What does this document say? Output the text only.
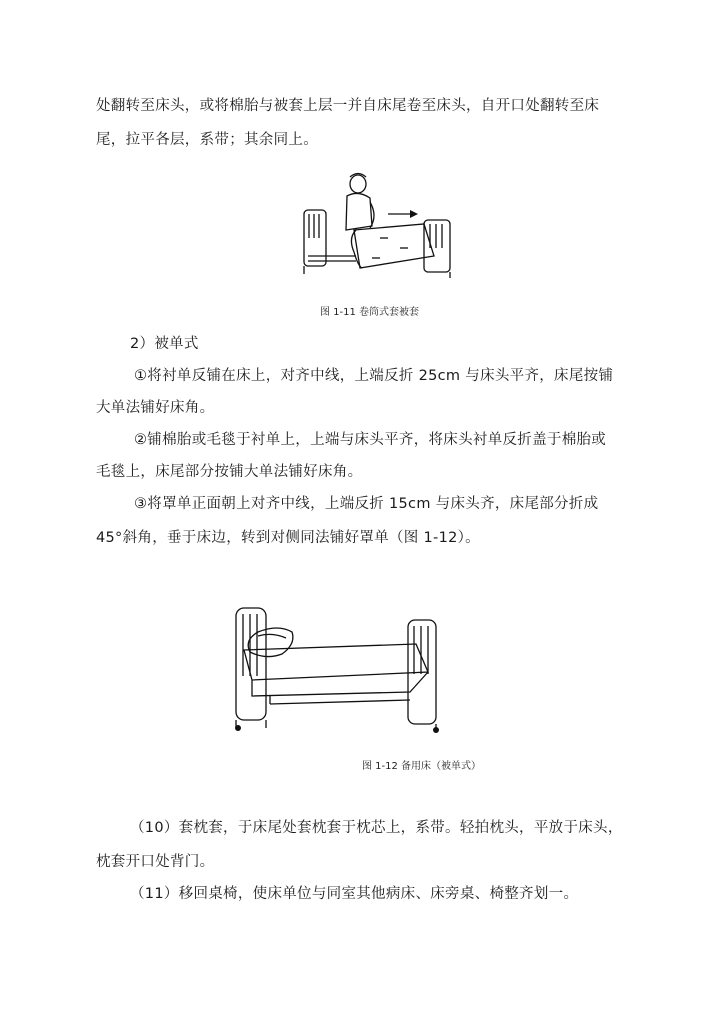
处翻转至床头，或将棉胎与被套上层一并自床尾卷至床头，自开口处翻转至床
尾，拉平各层，系带；其余同上。
图 1-11 卷筒式套被套
2）被单式
①将衬单反铺在床上，对齐中线，上端反折 25cm 与床头平齐，床尾按铺
大单法铺好床角。
②铺棉胎或毛毯于衬单上，上端与床头平齐，将床头衬单反折盖于棉胎或
毛毯上，床尾部分按铺大单法铺好床角。
③将罩单正面朝上对齐中线，上端反折 15cm 与床头齐，床尾部分折成
45°斜角，垂于床边，转到对侧同法铺好罩单（图 1-12）。
图 1-12 备用床（被单式）
（10）套枕套，于床尾处套枕套于枕芯上，系带。轻拍枕头，平放于床头，
枕套开口处背门。
（11）移回桌椅，使床单位与同室其他病床、床旁桌、椅整齐划一。
